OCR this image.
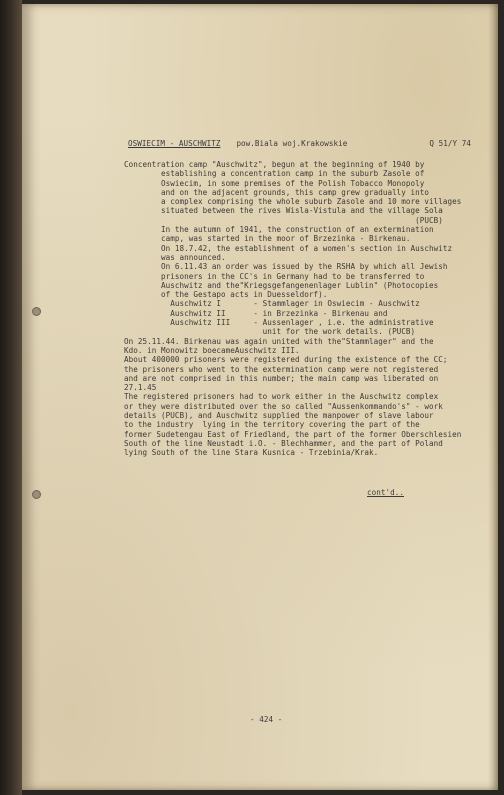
OSWIECIM - AUSCHWITZ pow.Biala woj.Krakowskie	Q 51/Y 74
Concentration camp "Auschwitz", begun at the beginning of 1940 by
establishing a concentration camp in the suburb Zasole of
Oswiecim, in some premises of the Polish Tobacco Monopoly
and on the adjacent grounds, this camp grew gradually into
a complex comprising the whole suburb Zasole and 10 more villages
situated between the rives Wisla-Vistula and the village Sola
(PUCB)
In the autumn of 1941, the construction of an extermination
camp, was started in the moor of Brzezinka - Birkenau.
On 18.7.42, the establishment of a women's section in Auschwitz
was announced.
On 6.11.43 an order was issued by the RSHA by which all Jewish
prisoners in the CC's in Germany had to be transferred to
Auschwitz and the"Kriegsgefangenenlager Lublin" (Photocopies
of the Gestapo acts in Duesseldorf).
Auschwitz I       - Stammlager in Oswiecim - Auschwitz
Auschwitz II      - in Brzezinka - Birkenau and
Auschwitz III     - Aussenlager , i.e. the administrative
unit for the work details. (PUCB)
On 25.11.44. Birkenau was again united with the"Stammlager" and the
Kdo. in Monowitz boecameAuschwitz III.
About 400000 prisoners were registered during the existence of the CC;
the prisoners who went to the extermination camp were not registered
and are not comprised in this number; the main camp was liberated on
27.1.45
The registered prisoners had to work either in the Auschwitz complex
or they were distributed over the so called "Aussenkommando's" - work
details (PUCB), and Auschwitz supplied the manpower of slave labour
to the industry  lying in the territory covering the part of the
former Sudetengau East of Friedland, the part of the former Oberschlesien
South of the line Neustadt i.O. - Blechhammer, and the part of Poland
lying South of the line Stara Kusnica - Trzebinia/Krak.
cont'd..
- 424 -
